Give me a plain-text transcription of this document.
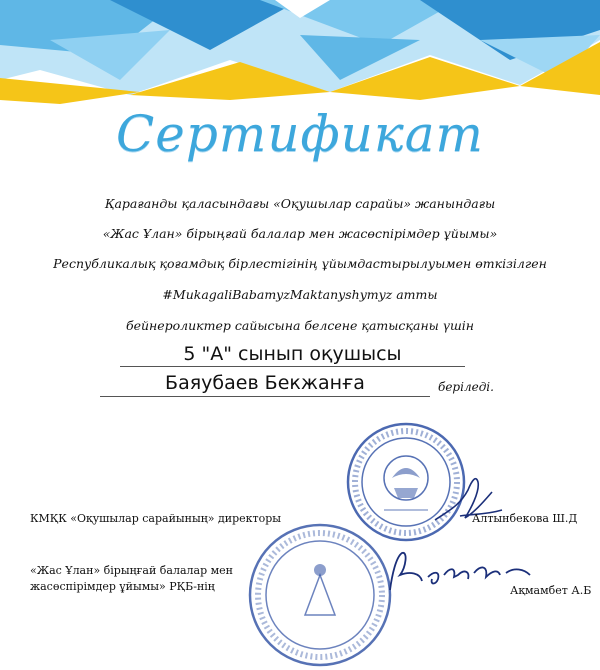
Сертификат
Қарағанды қаласындағы «Оқушылар сарайы» жанындағы
«Жас Ұлан» бірыңғай балалар мен жасөспірімдер ұйымы»
Республикалық қоғамдық бірлестігінің ұйымдастырылуымен өткізілген
#MukagaliBabamyzMaktanyshymyz атты
бейнероликтер сайысына белсене қатысқаны үшін
5 "А" сынып оқушысы
Баяубаев Бекжанға	беріледі.
КМҚК «Оқушылар сарайының» директоры	Алтынбекова Ш.Д
«Жас Ұлан» бірыңғай балалар мен
жасөспірімдер ұйымы» РҚБ-нің	Ақмамбет А.Б
